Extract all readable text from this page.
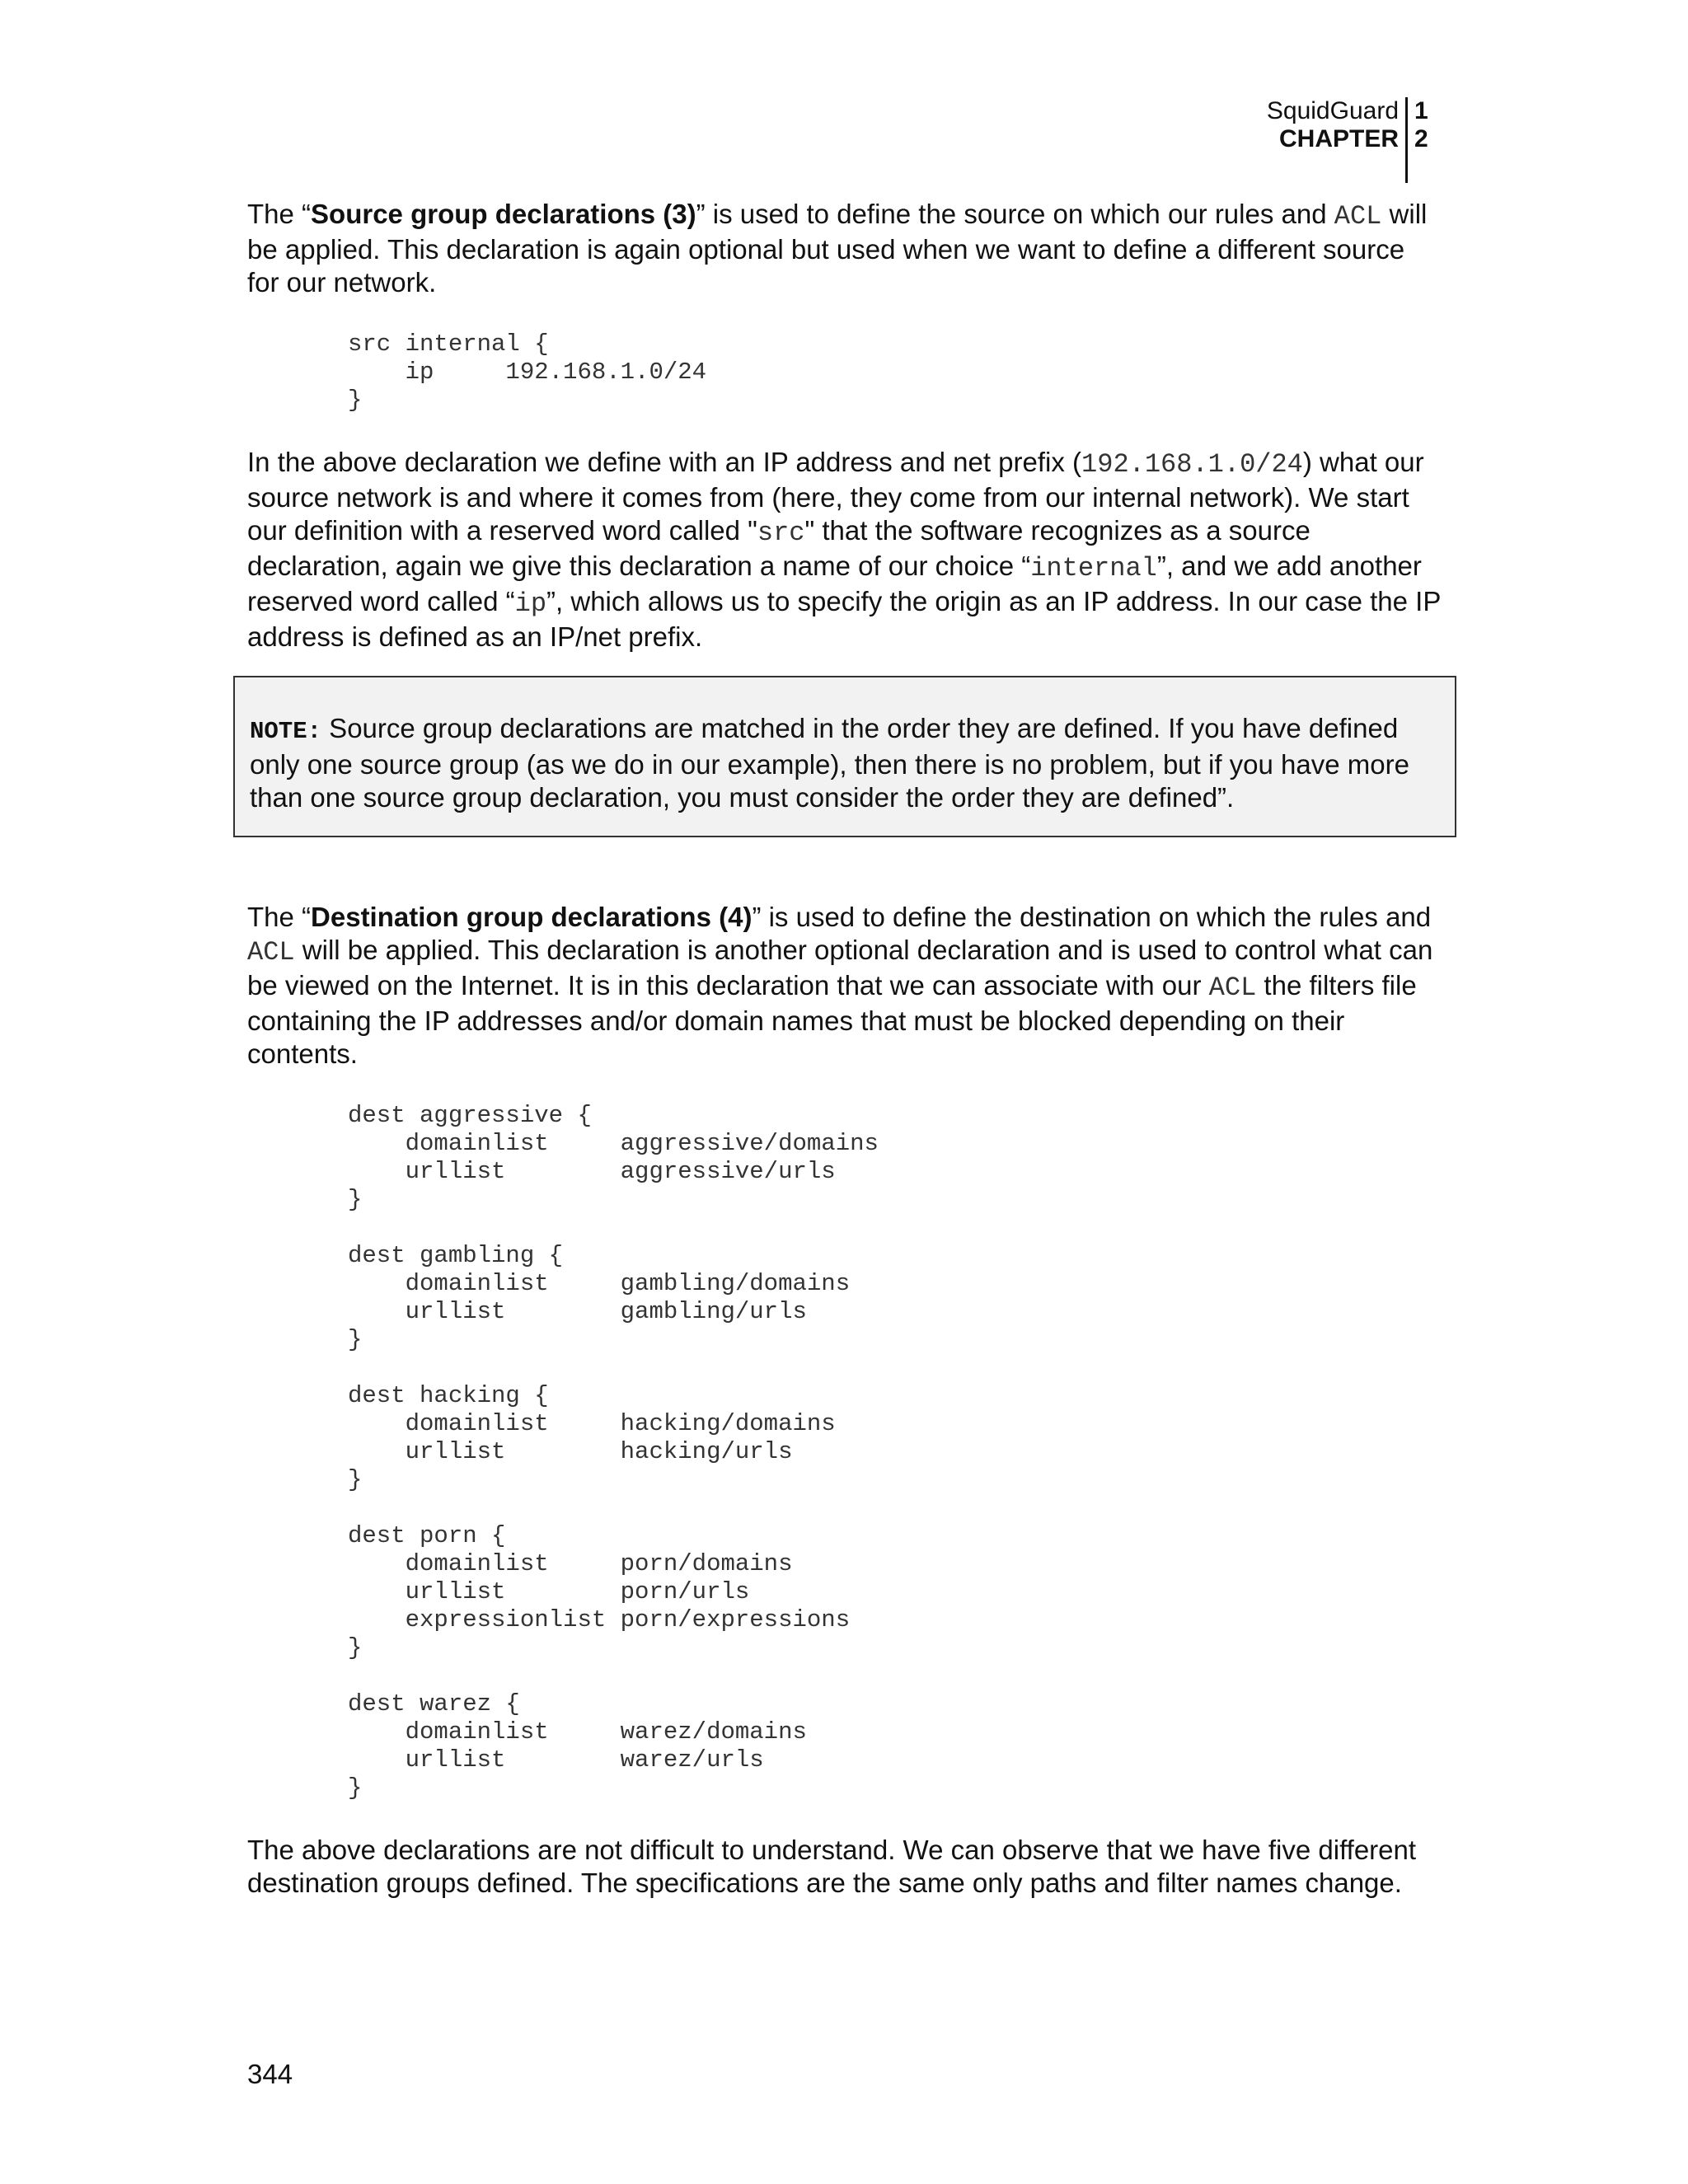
SquidGuard 1
CHAPTER 2

The “Source group declarations (3)” is used to define the source on which our rules and ACL will be applied. This declaration is again optional but used when we want to define a different source for our network.

src internal {
ip     192.168.1.0/24
}

In the above declaration we define with an IP address and net prefix (192.168.1.0/24) what our source network is and where it comes from (here, they come from our internal network). We start our definition with a reserved word called "src" that the software recognizes as a source declaration, again we give this declaration a name of our choice “internal”, and we add another reserved word called “ip”, which allows us to specify the origin as an IP address. In our case the IP address is defined as an IP/net prefix.

NOTE: Source group declarations are matched in the order they are defined. If you have defined only one source group (as we do in our example), then there is no problem, but if you have more than one source group declaration, you must consider the order they are defined”.

The “Destination group declarations (4)” is used to define the destination on which the rules and ACL will be applied. This declaration is another optional declaration and is used to control what can be viewed on the Internet. It is in this declaration that we can associate with our ACL the filters file containing the IP addresses and/or domain names that must be blocked depending on their contents.

dest aggressive {
domainlist     aggressive/domains
urllist        aggressive/urls
}

dest gambling {
domainlist     gambling/domains
urllist        gambling/urls
}

dest hacking {
domainlist     hacking/domains
urllist        hacking/urls
}

dest porn {
domainlist     porn/domains
urllist        porn/urls
expressionlist porn/expressions
}

dest warez {
domainlist     warez/domains
urllist        warez/urls
}

The above declarations are not difficult to understand. We can observe that we have five different destination groups defined. The specifications are the same only paths and filter names change.

344
